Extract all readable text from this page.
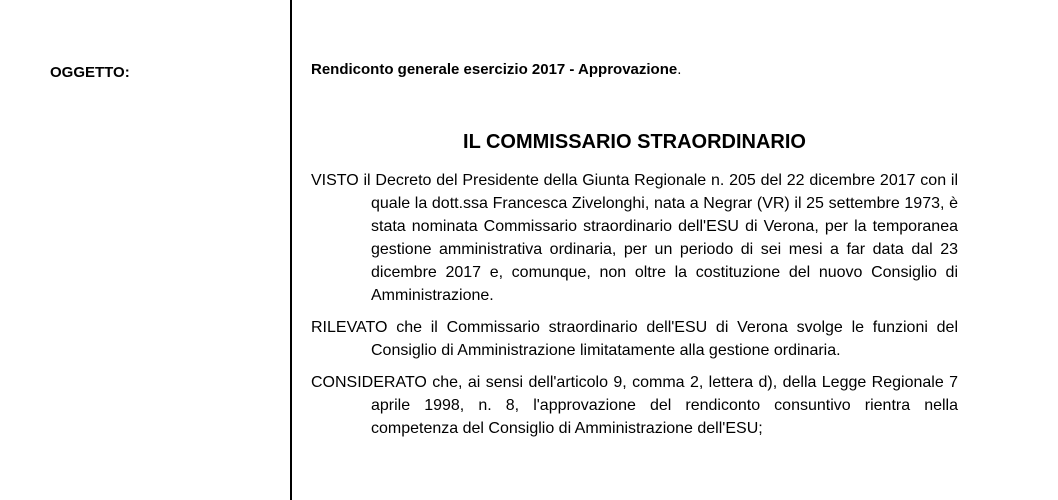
OGGETTO:	Rendiconto generale esercizio 2017 - Approvazione.
IL COMMISSARIO STRAORDINARIO

VISTO il Decreto del Presidente della Giunta Regionale n. 205 del 22 dicembre 2017 con il quale la dott.ssa Francesca Zivelonghi, nata a Negrar (VR) il 25 settembre 1973, è stata nominata Commissario straordinario dell'ESU di Verona, per la temporanea gestione amministrativa ordinaria, per un periodo di sei mesi a far data dal 23 dicembre 2017 e, comunque, non oltre la costituzione del nuovo Consiglio di Amministrazione.

RILEVATO che il Commissario straordinario dell'ESU di Verona svolge le funzioni del Consiglio di Amministrazione limitatamente alla gestione ordinaria.

CONSIDERATO che, ai sensi dell'articolo 9, comma 2, lettera d), della Legge Regionale 7 aprile 1998, n. 8, l'approvazione del rendiconto consuntivo rientra nella competenza del Consiglio di Amministrazione dell'ESU;
